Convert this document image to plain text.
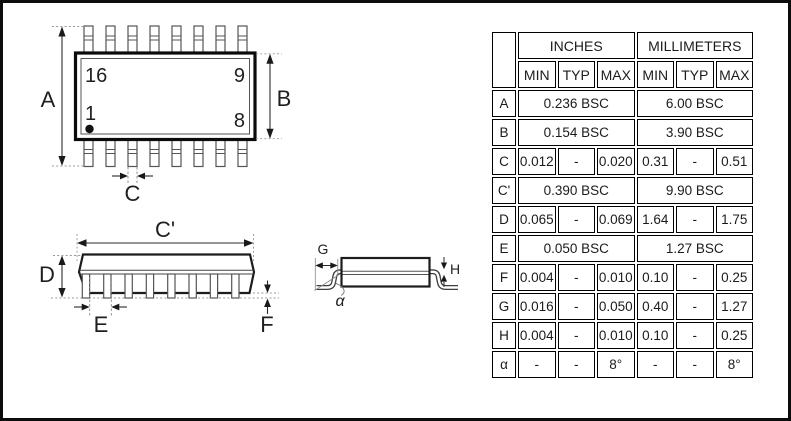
16	9
1	8
A	B
C
C'
D
E	F
G
H
α
	INCHES			MILLIMETERS		
	MIN	TYP	MAX	MIN	TYP	MAX
A	0.236 BSC			6.00 BSC		
B	0.154 BSC			3.90 BSC		
C	0.012	-	0.020	0.31	-	0.51
C'	0.390 BSC			9.90 BSC		
D	0.065	-	0.069	1.64	-	1.75
E	0.050 BSC			1.27 BSC		
F	0.004	-	0.010	0.10	-	0.25
G	0.016	-	0.050	0.40	-	1.27
H	0.004	-	0.010	0.10	-	0.25
α	-	-	8°	-	-	8°
